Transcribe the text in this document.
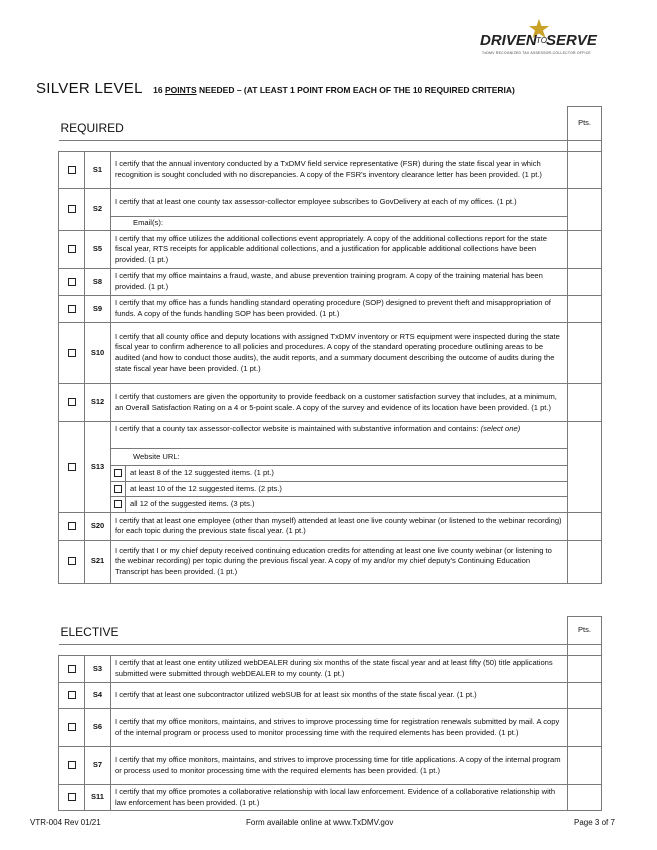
DRIVEN TO SERVE
TxDMV RECOGNIZED TAX ASSESSOR-COLLECTOR OFFICE
SILVER LEVEL 16 POINTS NEEDED – (AT LEAST 1 POINT FROM EACH OF THE 10 REQUIRED CRITERIA)
REQUIRED	Pts.

	S1	I certify that the annual inventory conducted by a TxDMV field service representative (FSR) during the state fiscal year in which recognition is sought concluded with no discrepancies. A copy of the FSR's inventory clearance letter has been provided. (1 pt.)	
	S2	I certify that at least one county tax assessor-collector employee subscribes to GovDelivery at each of my offices. (1 pt.)	
Email(s):
	S5	I certify that my office utilizes the additional collections event appropriately. A copy of the additional collections report for the state fiscal year, RTS receipts for applicable additional collections, and a justification for applicable additional collections have been provided. (1 pt.)	
	S8	I certify that my office maintains a fraud, waste, and abuse prevention training program. A copy of the training material has been provided. (1 pt.)	
	S9	I certify that my office has a funds handling standard operating procedure (SOP) designed to prevent theft and misappropriation of funds. A copy of the funds handling SOP has been provided. (1 pt.)	
	S10	I certify that all county office and deputy locations with assigned TxDMV inventory or RTS equipment were inspected during the state fiscal year to confirm adherence to all policies and procedures. A copy of the standard operating procedure outlining areas to be audited (and how to conduct those audits), the audit reports, and a summary document describing the outcome of audits during the state fiscal year have been provided. (1 pt.)	
	S12	I certify that customers are given the opportunity to provide feedback on a customer satisfaction survey that includes, at a minimum, an Overall Satisfaction Rating on a 4 or 5-point scale. A copy of the survey and evidence of its location have been provided. (1 pt.)	
	S13	
I certify that a county tax assessor-collector website is maintained with substantive information and contains: (select one)
Website URL:
	at least 8 of the 12 suggested items. (1 pt.)
	at least 10 of the 12 suggested items. (2 pts.)
	all 12 of the suggested items. (3 pts.)

	S20	I certify that at least one employee (other than myself) attended at least one live county webinar (or listened to the webinar recording) for each topic during the previous state fiscal year. (1 pt.)	
	S21	I certify that I or my chief deputy received continuing education credits for attending at least one live county webinar (or listening to the webinar recording) per topic during the previous fiscal year. A copy of my and/or my chief deputy's Continuing Education Transcript has been provided. (1 pt.)	
ELECTIVE			Pts.

	S3	I certify that at least one entity utilized webDEALER during six months of the state fiscal year and at least fifty (50) title applications submitted were submitted through webDEALER to my county. (1 pt.)	
	S4	I certify that at least one subcontractor utilized webSUB for at least six months of the state fiscal year. (1 pt.)	
	S6	I certify that my office monitors, maintains, and strives to improve processing time for registration renewals submitted by mail. A copy of the internal program or process used to monitor processing time with the required elements has been provided. (1 pt.)	
	S7	I certify that my office monitors, maintains, and strives to improve processing time for title applications. A copy of the internal program or process used to monitor processing time with the required elements has been provided. (1 pt.)	
	S11	I certify that my office promotes a collaborative relationship with local law enforcement. Evidence of a collaborative relationship with law enforcement has been provided. (1 pt.)	
VTR-004 Rev 01/21	Form available online at www.TxDMV.gov	Page 3 of 7
